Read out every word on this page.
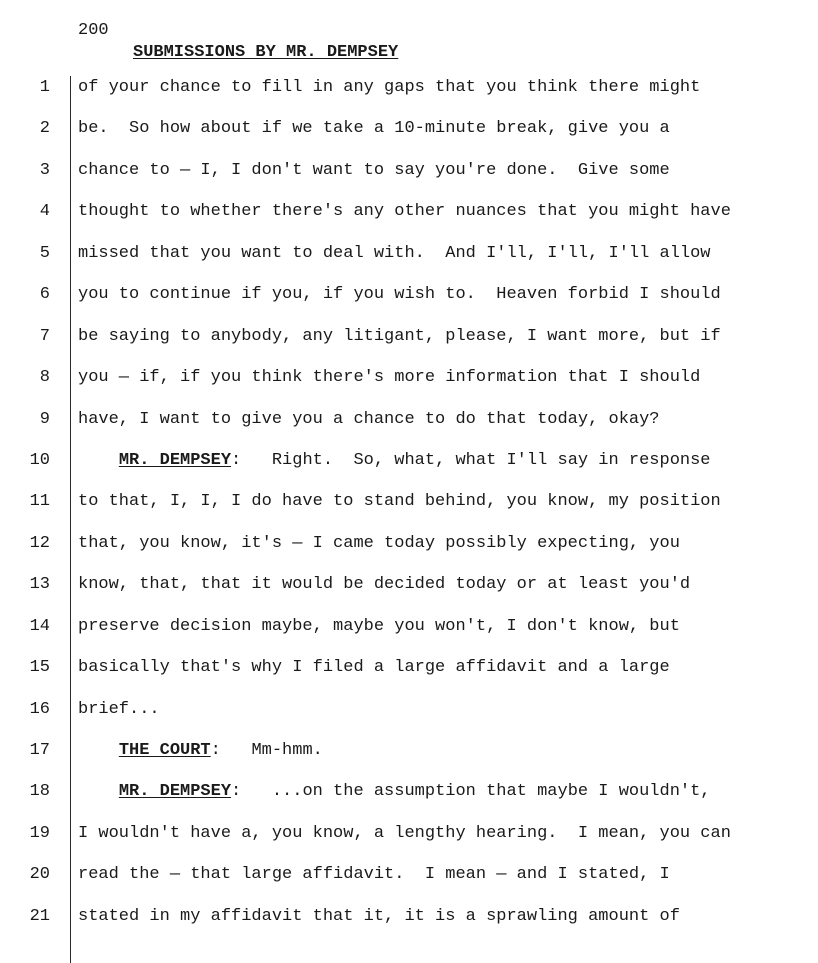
200
SUBMISSIONS BY MR. DEMPSEY
1 of your chance to fill in any gaps that you think there might
2 be.  So how about if we take a 10-minute break, give you a
3 chance to — I, I don't want to say you're done.  Give some
4 thought to whether there's any other nuances that you might have
5 missed that you want to deal with.  And I'll, I'll, I'll allow
6 you to continue if you, if you wish to.  Heaven forbid I should
7 be saying to anybody, any litigant, please, I want more, but if
8 you — if, if you think there's more information that I should
9 have, I want to give you a chance to do that today, okay?
10	MR. DEMPSEY:   Right.  So, what, what I'll say in response
11 to that, I, I, I do have to stand behind, you know, my position
12 that, you know, it's — I came today possibly expecting, you
13 know, that, that it would be decided today or at least you'd
14 preserve decision maybe, maybe you won't, I don't know, but
15 basically that's why I filed a large affidavit and a large
16 brief...
17	THE COURT:   Mm-hmm.
18	MR. DEMPSEY:   ...on the assumption that maybe I wouldn't,
19 I wouldn't have a, you know, a lengthy hearing.  I mean, you can
20 read the — that large affidavit.  I mean — and I stated, I
21 stated in my affidavit that it, it is a sprawling amount of
